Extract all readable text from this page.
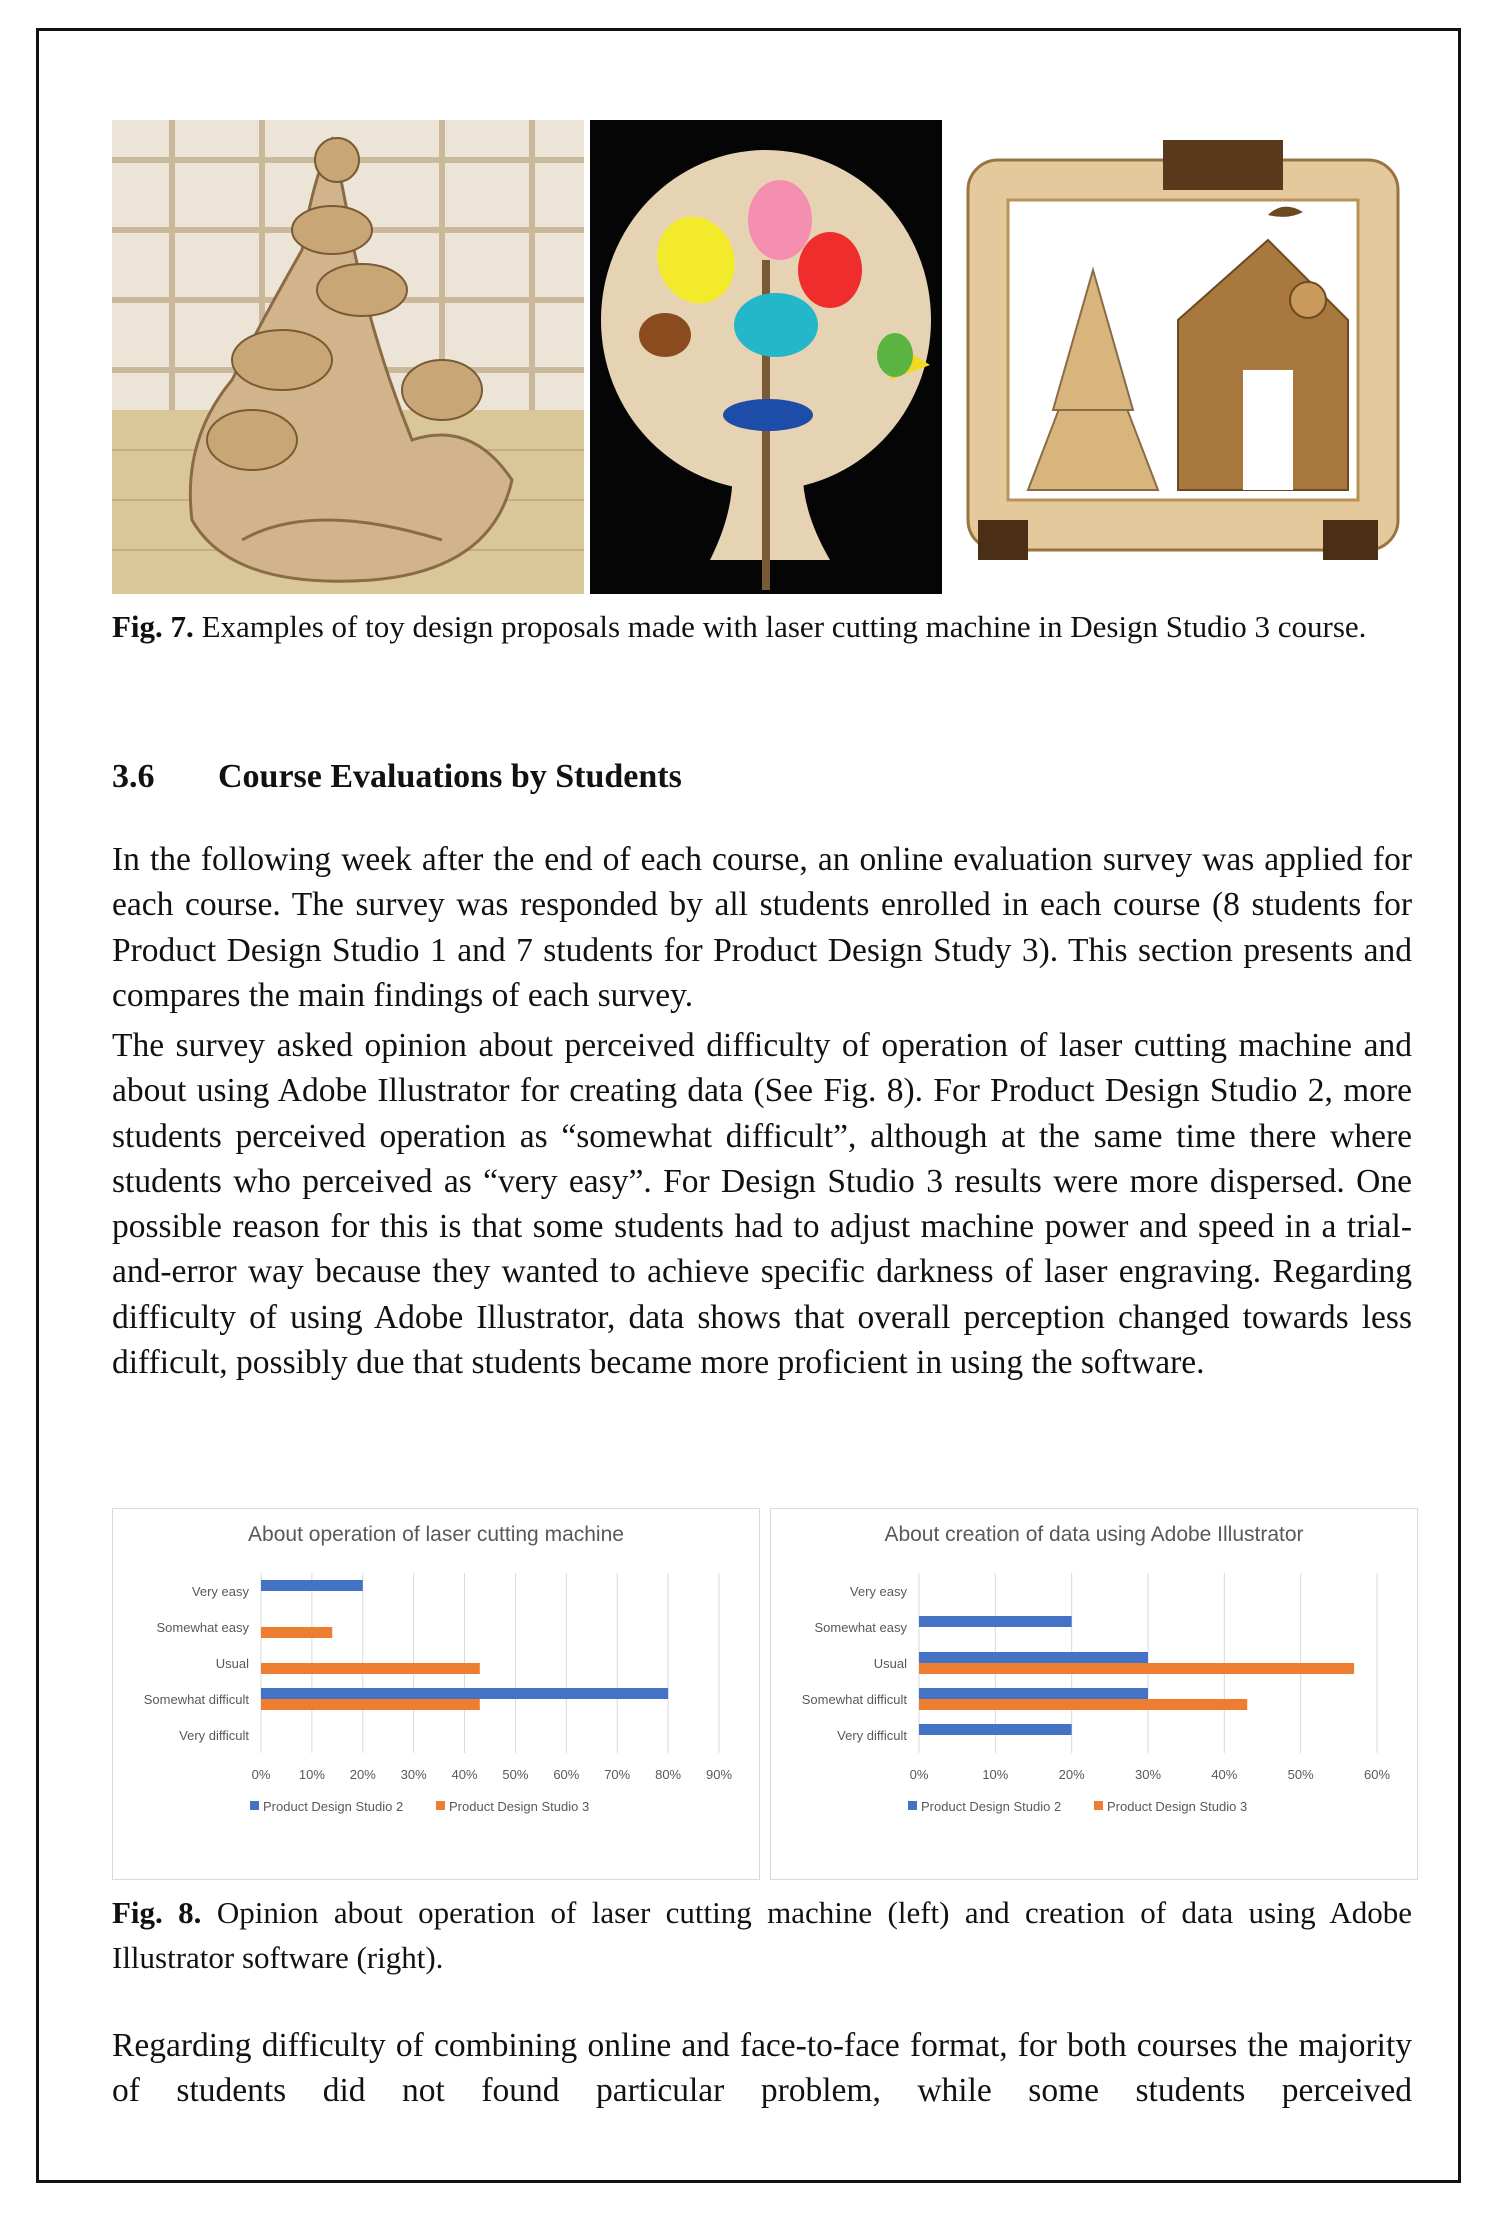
Fig. 7. Examples of toy design proposals made with laser cutting machine in Design Studio 3 course.
3.6 Course Evaluations by Students
In the following week after the end of each course, an online evaluation survey was applied for each course. The survey was responded by all students enrolled in each course (8 students for Product Design Studio 1 and 7 students for Product Design Study 3). This section presents and compares the main findings of each survey.
The survey asked opinion about perceived difficulty of operation of laser cutting machine and about using Adobe Illustrator for creating data (See Fig. 8). For Product Design Studio 2, more students perceived operation as “somewhat difficult”, although at the same time there where students who perceived as “very easy”. For Design Studio 3 results were more dispersed. One possible reason for this is that some students had to adjust machine power and speed in a trial-and-error way because they wanted to achieve specific darkness of laser engraving. Regarding difficulty of using Adobe Illustrator, data shows that overall perception changed towards less difficult, possibly due that students became more proficient in using the software.
About operation of laser cutting machine
0% 10% 20% 30% 40% 50% 60% 70% 80% 90%
Very easy
Somewhat easy
Usual
Somewhat difficult
Very difficult
Product Design Studio 2	Product Design Studio 3
About creation of data using Adobe Illustrator
0%	10%	20%	30%	40%	50%	60%
Very easy
Somewhat easy
Usual
Somewhat difficult
Very difficult
Product Design Studio 2	Product Design Studio 3
Fig. 8. Opinion about operation of laser cutting machine (left) and creation of data using Adobe Illustrator software (right).
Regarding difficulty of combining online and face-to-face format, for both courses the majority of students did not found particular problem, while some students perceived
